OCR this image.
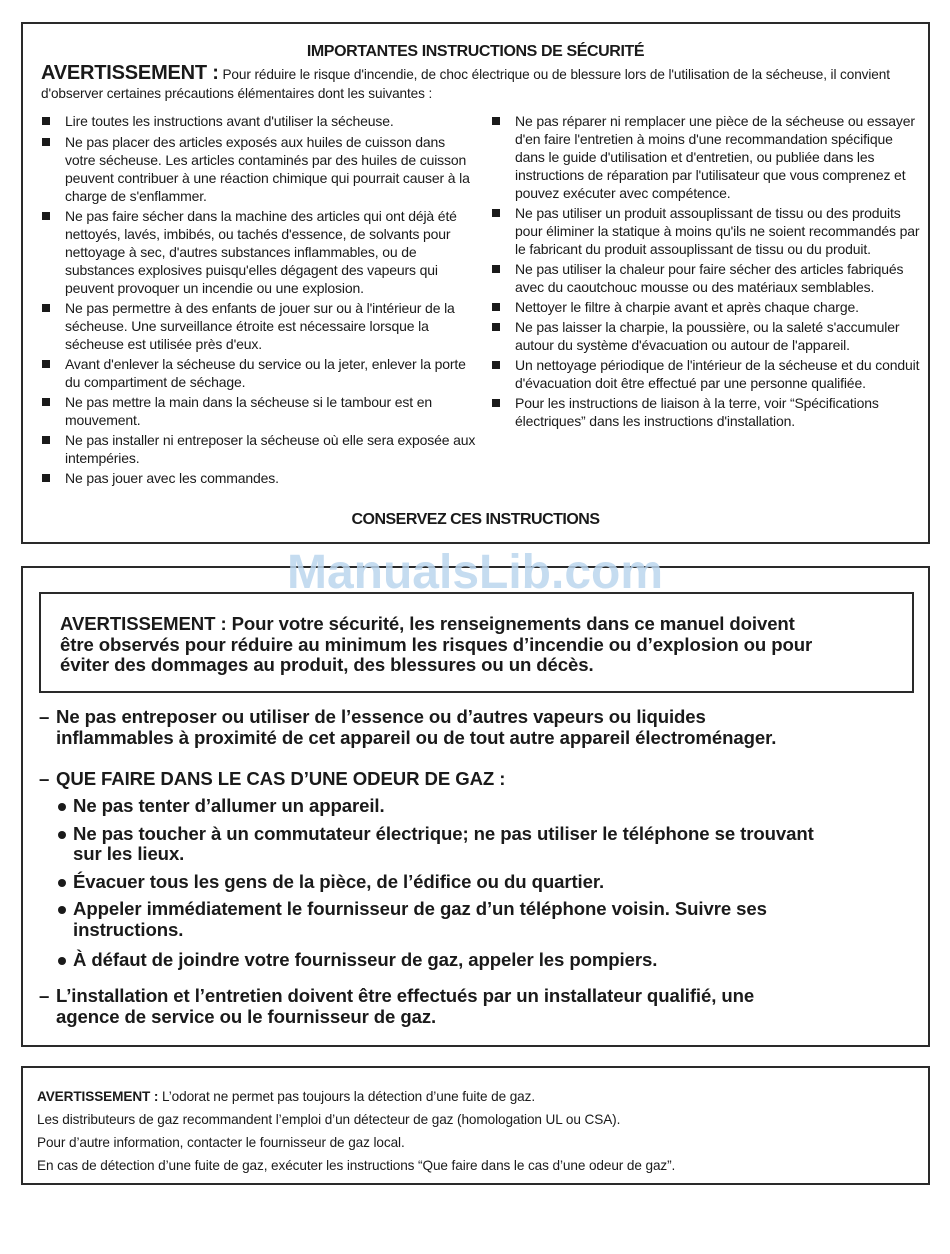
IMPORTANTES INSTRUCTIONS DE SÉCURITÉ

AVERTISSEMENT : Pour réduire le risque d'incendie, de choc électrique ou de blessure lors de l'utilisation de la sécheuse, il convient d'observer certaines précautions élémentaires dont les suivantes :

Lire toutes les instructions avant d'utiliser la sécheuse.
Ne pas placer des articles exposés aux huiles de cuisson dans votre sécheuse. Les articles contaminés par des huiles de cuisson peuvent contribuer à une réaction chimique qui pourrait causer à la charge de s'enflammer.
Ne pas faire sécher dans la machine des articles qui ont déjà été nettoyés, lavés, imbibés, ou tachés d'essence, de solvants pour nettoyage à sec, d'autres substances inflammables, ou de substances explosives puisqu'elles dégagent des vapeurs qui peuvent provoquer un incendie ou une explosion.
Ne pas permettre à des enfants de jouer sur ou à l'intérieur de la sécheuse. Une surveillance étroite est nécessaire lorsque la sécheuse est utilisée près d'eux.
Avant d'enlever la sécheuse du service ou la jeter, enlever la porte du compartiment de séchage.
Ne pas mettre la main dans la sécheuse si le tambour est en mouvement.
Ne pas installer ni entreposer la sécheuse où elle sera exposée aux intempéries.
Ne pas jouer avec les commandes.
Ne pas réparer ni remplacer une pièce de la sécheuse ou essayer d'en faire l'entretien à moins d'une recommandation spécifique dans le guide d'utilisation et d'entretien, ou publiée dans les instructions de réparation par l'utilisateur que vous comprenez et pouvez exécuter avec compétence.
Ne pas utiliser un produit assouplissant de tissu ou des produits pour éliminer la statique à moins qu'ils ne soient recommandés par le fabricant du produit assouplissant de tissu ou du produit.
Ne pas utiliser la chaleur pour faire sécher des articles fabriqués avec du caoutchouc mousse ou des matériaux semblables.
Nettoyer le filtre à charpie avant et après chaque charge.
Ne pas laisser la charpie, la poussière, ou la saleté s'accumuler autour du système d'évacuation ou autour de l'appareil.
Un nettoyage périodique de l'intérieur de la sécheuse et du conduit d'évacuation doit être effectué par une personne qualifiée.
Pour les instructions de liaison à la terre, voir “Spécifications électriques” dans les instructions d'installation.
CONSERVEZ CES INSTRUCTIONS
ManualsLib.com
AVERTISSEMENT : Pour votre sécurité, les renseignements dans ce manuel doivent
être observés pour réduire au minimum les risques d’incendie ou d’explosion ou pour
éviter des dommages au produit, des blessures ou un décès.
– Ne pas entreposer ou utiliser de l’essence ou d’autres vapeurs ou liquides
inflammables à proximité de cet appareil ou de tout autre appareil électroménager.
– QUE FAIRE DANS LE CAS D’UNE ODEUR DE GAZ :
Ne pas tenter d’allumer un appareil.
Ne pas toucher à un commutateur électrique; ne pas utiliser le téléphone se trouvant
sur les lieux.
Évacuer tous les gens de la pièce, de l’édifice ou du quartier.
Appeler immédiatement le fournisseur de gaz d’un téléphone voisin. Suivre ses
instructions.
À défaut de joindre votre fournisseur de gaz, appeler les pompiers.
– L’installation et l’entretien doivent être effectués par un installateur qualifié, une
agence de service ou le fournisseur de gaz.

AVERTISSEMENT : L’odorat ne permet pas toujours la détection d’une fuite de gaz.

Les distributeurs de gaz recommandent l’emploi d’un détecteur de gaz (homologation UL ou CSA).

Pour d’autre information, contacter le fournisseur de gaz local.

En cas de détection d’une fuite de gaz, exécuter les instructions “Que faire dans le cas d’une odeur de gaz”.
